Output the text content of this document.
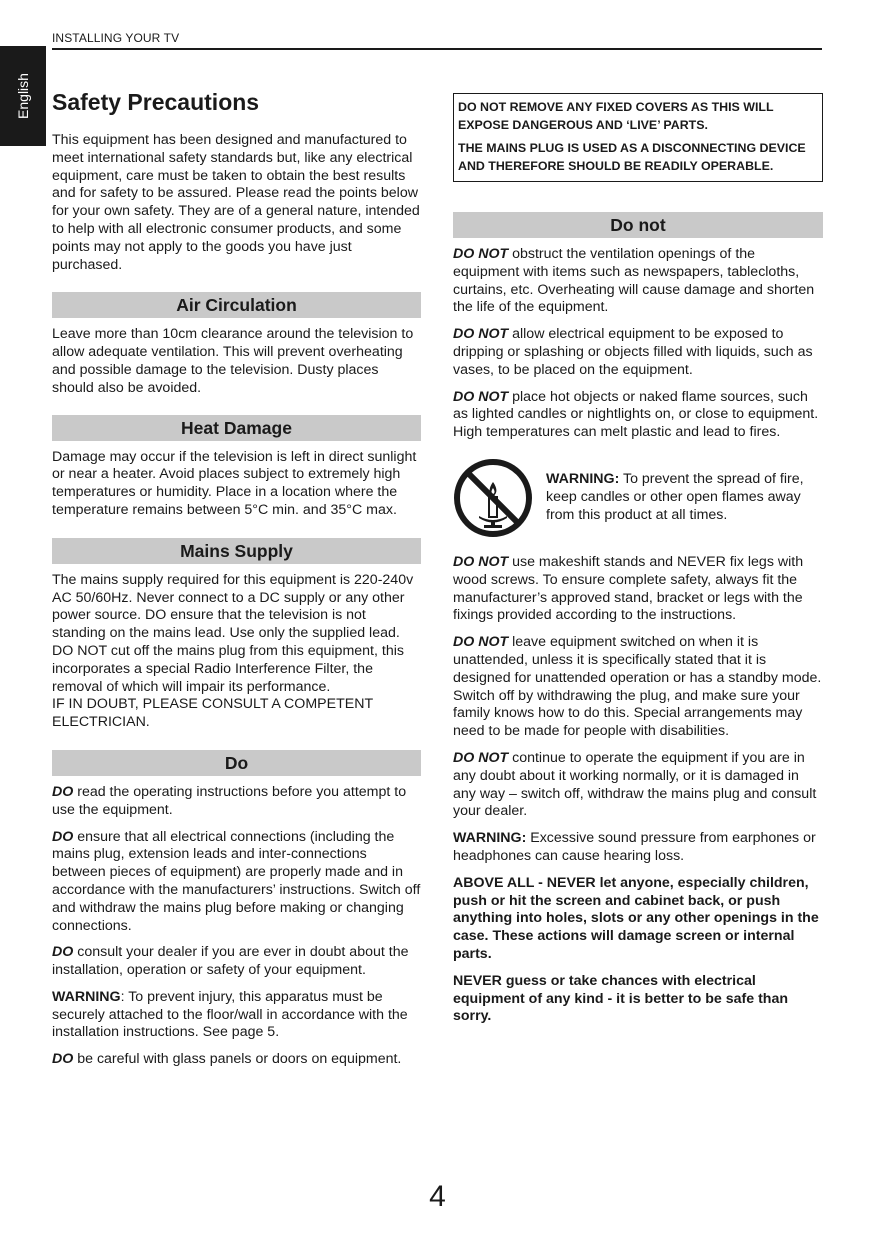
English
INSTALLING YOUR TV
Safety Precautions

This equipment has been designed and manufactured to meet international safety standards but, like any electrical equipment, care must be taken to obtain the best results and for safety to be assured. Please read the points below for your own safety. They are of a general nature, intended to help with all electronic consumer products, and some points may not apply to the goods you have just purchased.

Air Circulation

Leave more than 10cm clearance around the television to allow adequate ventilation. This will prevent overheating and possible damage to the television. Dusty places should also be avoided.

Heat Damage

Damage may occur if the television is left in direct sunlight or near a heater. Avoid places subject to extremely high temperatures or humidity. Place in a location where the temperature remains between 5°C min. and 35°C max.

Mains Supply

The mains supply required for this equipment is 220-240v AC 50/60Hz. Never connect to a DC supply or any other power source. DO ensure that the television is not standing on the mains lead. Use only the supplied lead.

DO NOT cut off the mains plug from this equipment, this incorporates a special Radio Interference Filter, the removal of which will impair its performance.

IF IN DOUBT, PLEASE CONSULT A COMPETENT ELECTRICIAN.

Do

DO read the operating instructions before you attempt to use the equipment.

DO ensure that all electrical connections (including the mains plug, extension leads and inter-connections between pieces of equipment) are properly made and in accordance with the manufacturers’ instructions. Switch off and withdraw the mains plug before making or changing connections.

DO consult your dealer if you are ever in doubt about the installation, operation or safety of your equipment.

WARNING: To prevent injury, this apparatus must be securely attached to the floor/wall in accordance with the installation instructions. See page 5.

DO be careful with glass panels or doors on equipment.

DO NOT REMOVE ANY FIXED COVERS AS THIS WILL EXPOSE DANGEROUS AND ‘LIVE’ PARTS.
THE MAINS PLUG IS USED AS A DISCONNECTING DEVICE AND THEREFORE SHOULD BE READILY OPERABLE.
Do not

DO NOT obstruct the ventilation openings of the equipment with items such as newspapers, tablecloths, curtains, etc. Overheating will cause damage and shorten the life of the equipment.

DO NOT allow electrical equipment to be exposed to dripping or splashing or objects filled with liquids, such as vases, to be placed on the equipment.

DO NOT place hot objects or naked flame sources, such as lighted candles or nightlights on, or close to equipment. High temperatures can melt plastic and lead to fires.

WARNING: To prevent the spread of fire, keep candles or other open flames away from this product at all times.

DO NOT use makeshift stands and NEVER fix legs with wood screws. To ensure complete safety, always fit the manufacturer’s approved stand, bracket or legs with the fixings provided according to the instructions.

DO NOT leave equipment switched on when it is unattended, unless it is specifically stated that it is designed for unattended operation or has a standby mode. Switch off by withdrawing the plug, and make sure your family knows how to do this. Special arrangements may need to be made for people with disabilities.

DO NOT continue to operate the equipment if you are in any doubt about it working normally, or it is damaged in any way – switch off, withdraw the mains plug and consult your dealer.

WARNING: Excessive sound pressure from earphones or headphones can cause hearing loss.

ABOVE ALL - NEVER let anyone, especially children, push or hit the screen and cabinet back, or push anything into holes, slots or any other openings in the case. These actions will damage screen or internal parts.

NEVER guess or take chances with electrical equipment of any kind - it is better to be safe than sorry.

4
